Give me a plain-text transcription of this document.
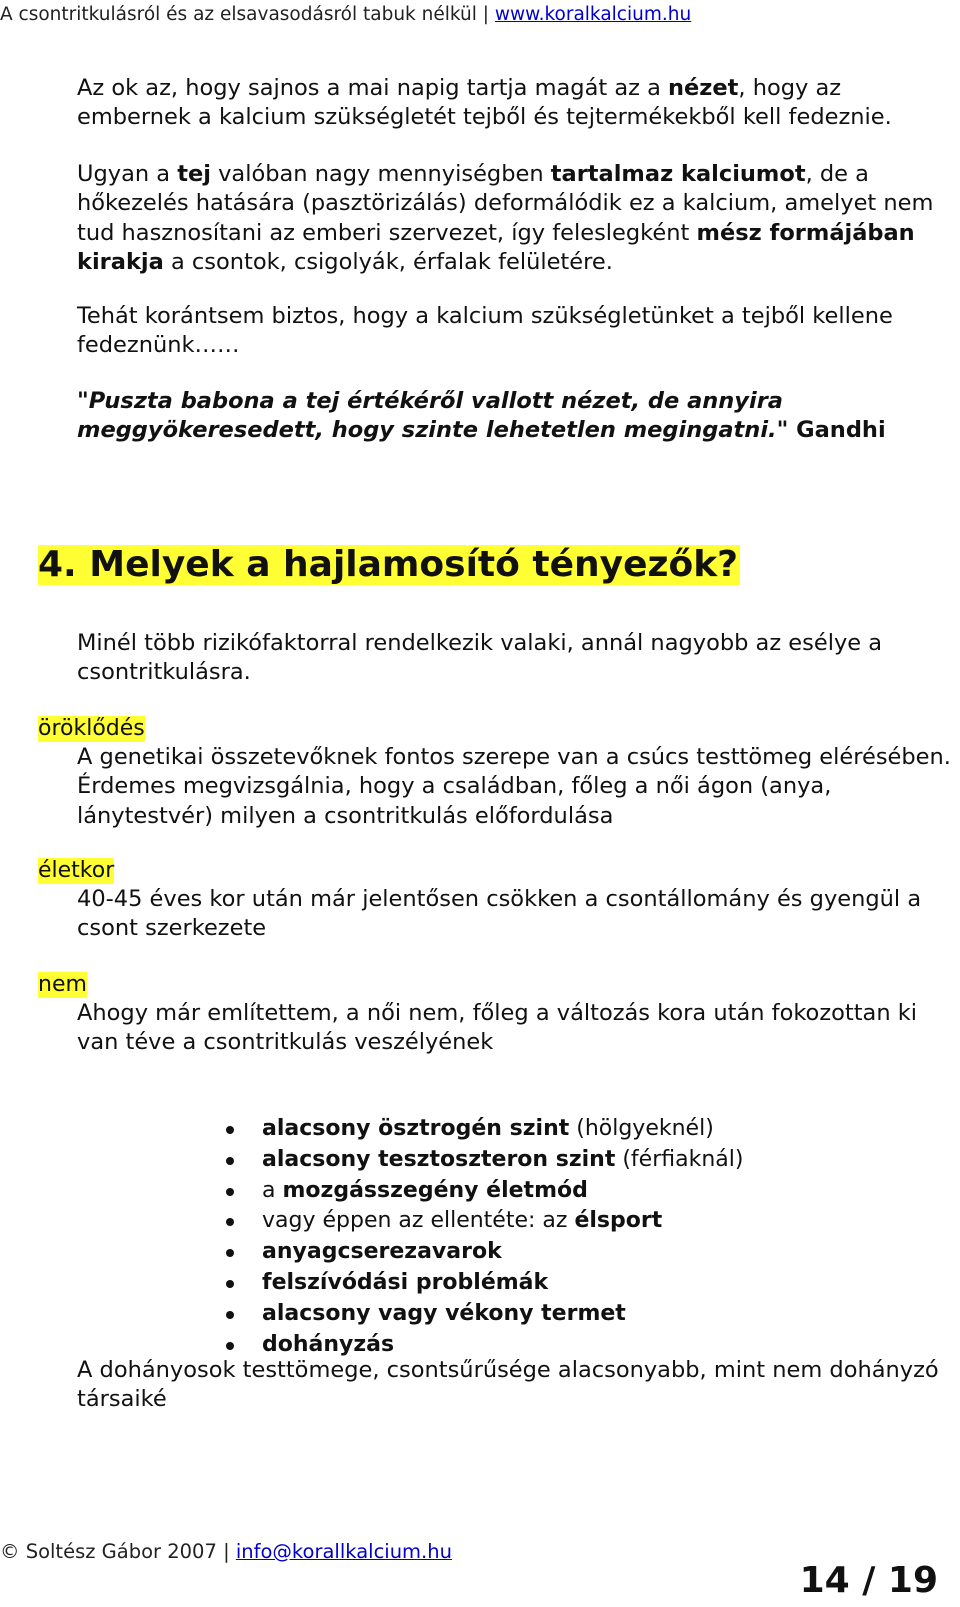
A csontritkulásról és az elsavasodásról tabuk nélkül | www.koralkalcium.hu
Az ok az, hogy sajnos a mai napig tartja magát az a nézet, hogy az embernek a kalcium szükségletét tejből és tejtermékekből kell fedeznie.
Ugyan a tej valóban nagy mennyiségben tartalmaz kalciumot, de a hőkezelés hatására (pasztörizálás) deformálódik ez a kalcium, amelyet nem tud hasznosítani az emberi szervezet, így feleslegként mész formájában kirakja a csontok, csigolyák, érfalak felületére.
Tehát korántsem biztos, hogy a kalcium szükségletünket a tejből kellene fedeznünk……
"Puszta babona a tej értékéről vallott nézet, de annyira meggyökeresedett, hogy szinte lehetetlen megingatni." Gandhi
4. Melyek a hajlamosító tényezők?
Minél több rizikófaktorral rendelkezik valaki, annál nagyobb az esélye a csontritkulásra.
öröklődés
A genetikai összetevőknek fontos szerepe van a csúcs testtömeg elérésében. Érdemes megvizsgálnia, hogy a családban, főleg a női ágon (anya, lánytestvér) milyen a csontritkulás előfordulása
életkor
40-45 éves kor után már jelentősen csökken a csontállomány és gyengül a csont szerkezete
nem
Ahogy már említettem, a női nem, főleg a változás kora után fokozottan ki van téve a csontritkulás veszélyének
alacsony ösztrogén szint (hölgyeknél)
alacsony tesztoszteron szint (férfiaknál)
a mozgásszegény életmód
vagy éppen az ellentéte: az élsport
anyagcserezavarok
felszívódási problémák
alacsony vagy vékony termet
dohányzás
A dohányosok testtömege, csontsűrűsége alacsonyabb, mint nem dohányzó társaiké
© Soltész Gábor 2007 | info@korallkalcium.hu
14 / 19
